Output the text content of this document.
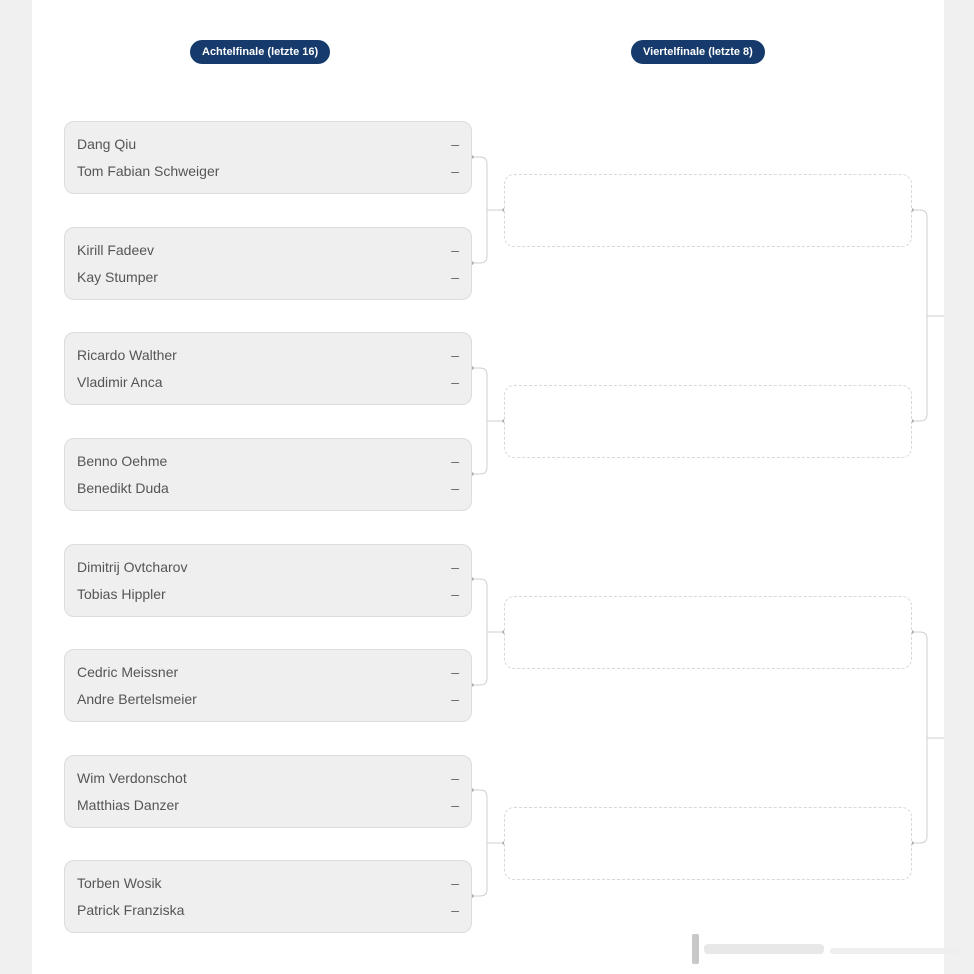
Achtelfinale (letzte 16)	Viertelfinale (letzte 8)
Dang Qiu	–
Tom Fabian Schweiger	–
Kirill Fadeev	–
Kay Stumper	–
Ricardo Walther	–
Vladimir Anca	–
Benno Oehme	–
Benedikt Duda	–
Dimitrij Ovtcharov	–
Tobias Hippler	–
Cedric Meissner	–
Andre Bertelsmeier	–
Wim Verdonschot	–
Matthias Danzer	–
Torben Wosik	–
Patrick Franziska	–
